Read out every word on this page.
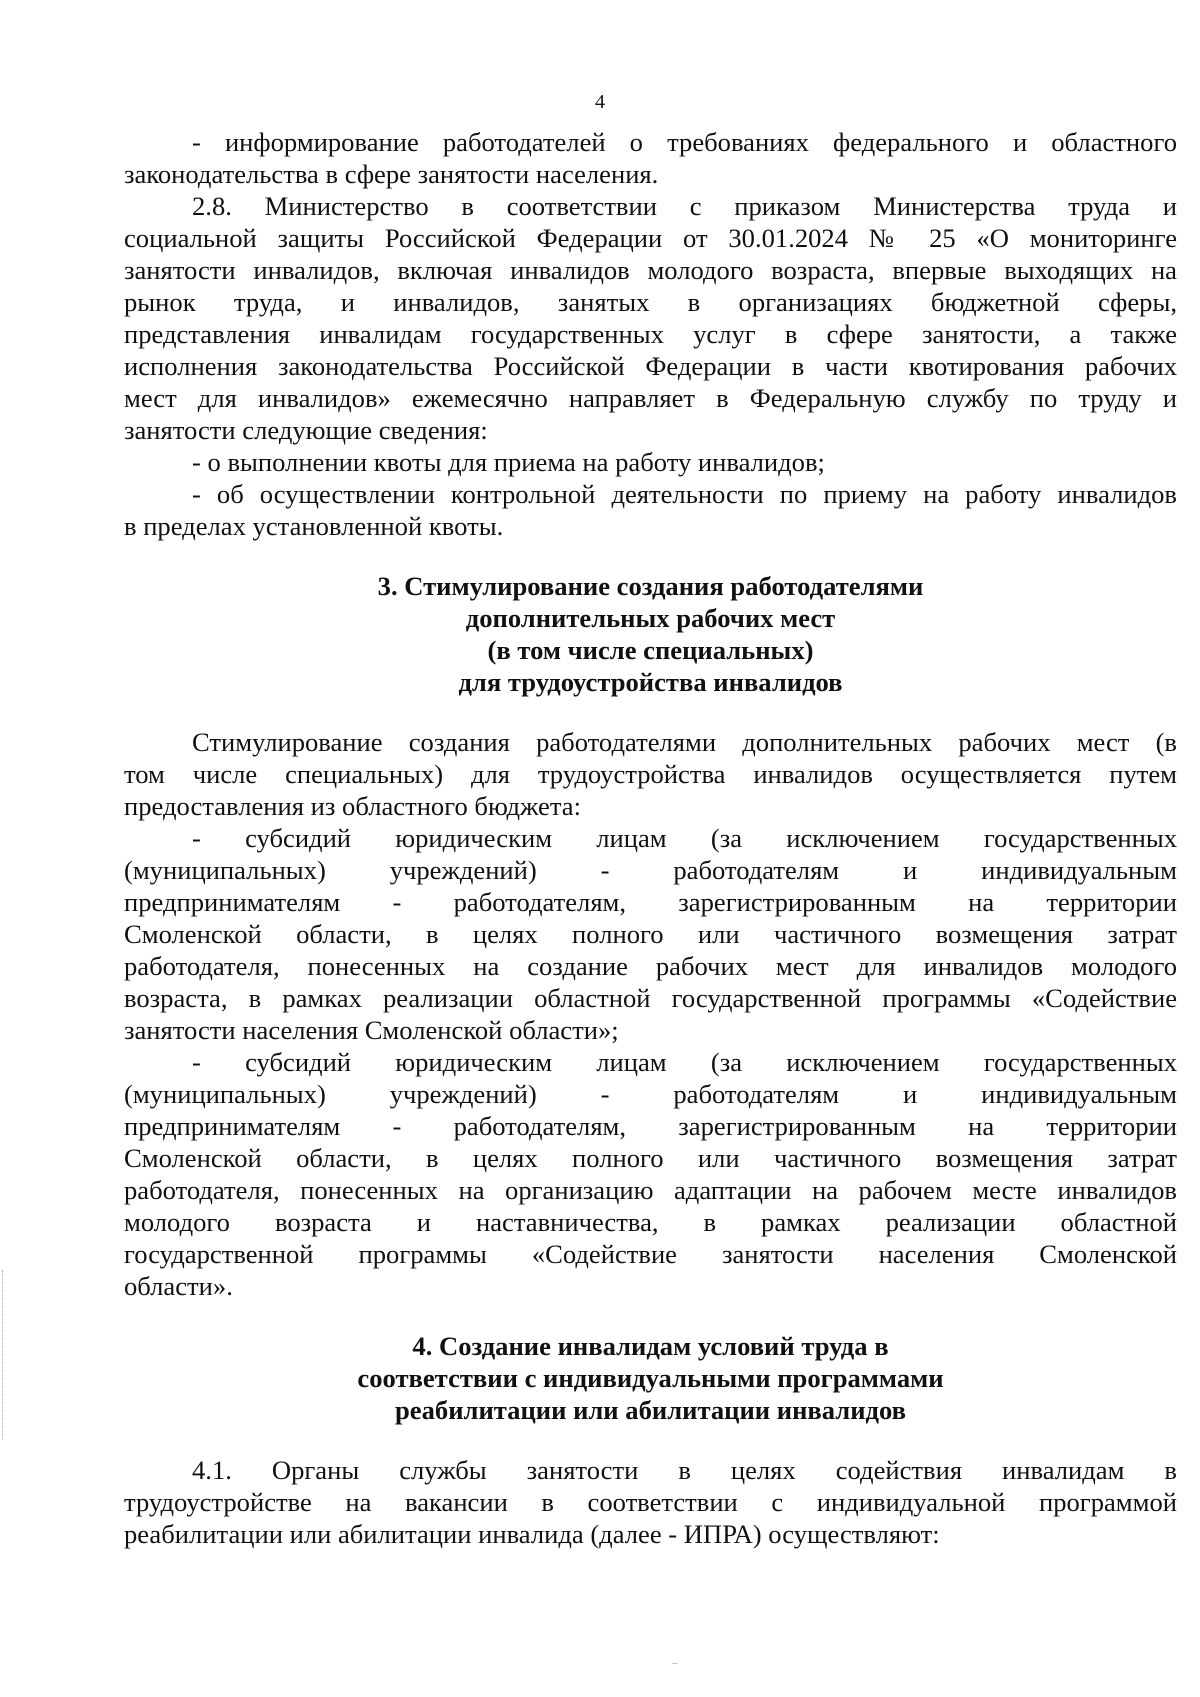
4
- информирование работодателей о требованиях федерального и областного
законодательства в сфере занятости населения.
2.8. Министерство в соответствии с приказом Министерства труда и
социальной защиты Российской Федерации от 30.01.2024 № 25 «О мониторинге
занятости инвалидов, включая инвалидов молодого возраста, впервые выходящих на
рынок труда, и инвалидов, занятых в организациях бюджетной сферы,
представления инвалидам государственных услуг в сфере занятости, а также
исполнения законодательства Российской Федерации в части квотирования рабочих
мест для инвалидов» ежемесячно направляет в Федеральную службу по труду и
занятости следующие сведения:
- о выполнении квоты для приема на работу инвалидов;
- об осуществлении контрольной деятельности по приему на работу инвалидов
в пределах установленной квоты.
3. Стимулирование создания работодателями
дополнительных рабочих мест
(в том числе специальных)
для трудоустройства инвалидов
Стимулирование создания работодателями дополнительных рабочих мест (в
том числе специальных) для трудоустройства инвалидов осуществляется путем
предоставления из областного бюджета:
- субсидий юридическим лицам (за исключением государственных
(муниципальных) учреждений) - работодателям и индивидуальным
предпринимателям - работодателям, зарегистрированным на территории
Смоленской области, в целях полного или частичного возмещения затрат
работодателя, понесенных на создание рабочих мест для инвалидов молодого
возраста, в рамках реализации областной государственной программы «Содействие
занятости населения Смоленской области»;
- субсидий юридическим лицам (за исключением государственных
(муниципальных) учреждений) - работодателям и индивидуальным
предпринимателям - работодателям, зарегистрированным на территории
Смоленской области, в целях полного или частичного возмещения затрат
работодателя, понесенных на организацию адаптации на рабочем месте инвалидов
молодого возраста и наставничества, в рамках реализации областной
государственной программы «Содействие занятости населения Смоленской
области».
4. Создание инвалидам условий труда в
соответствии с индивидуальными программами
реабилитации или абилитации инвалидов
4.1. Органы службы занятости в целях содействия инвалидам в
трудоустройстве на вакансии в соответствии с индивидуальной программой
реабилитации или абилитации инвалида (далее - ИПРА) осуществляют:
